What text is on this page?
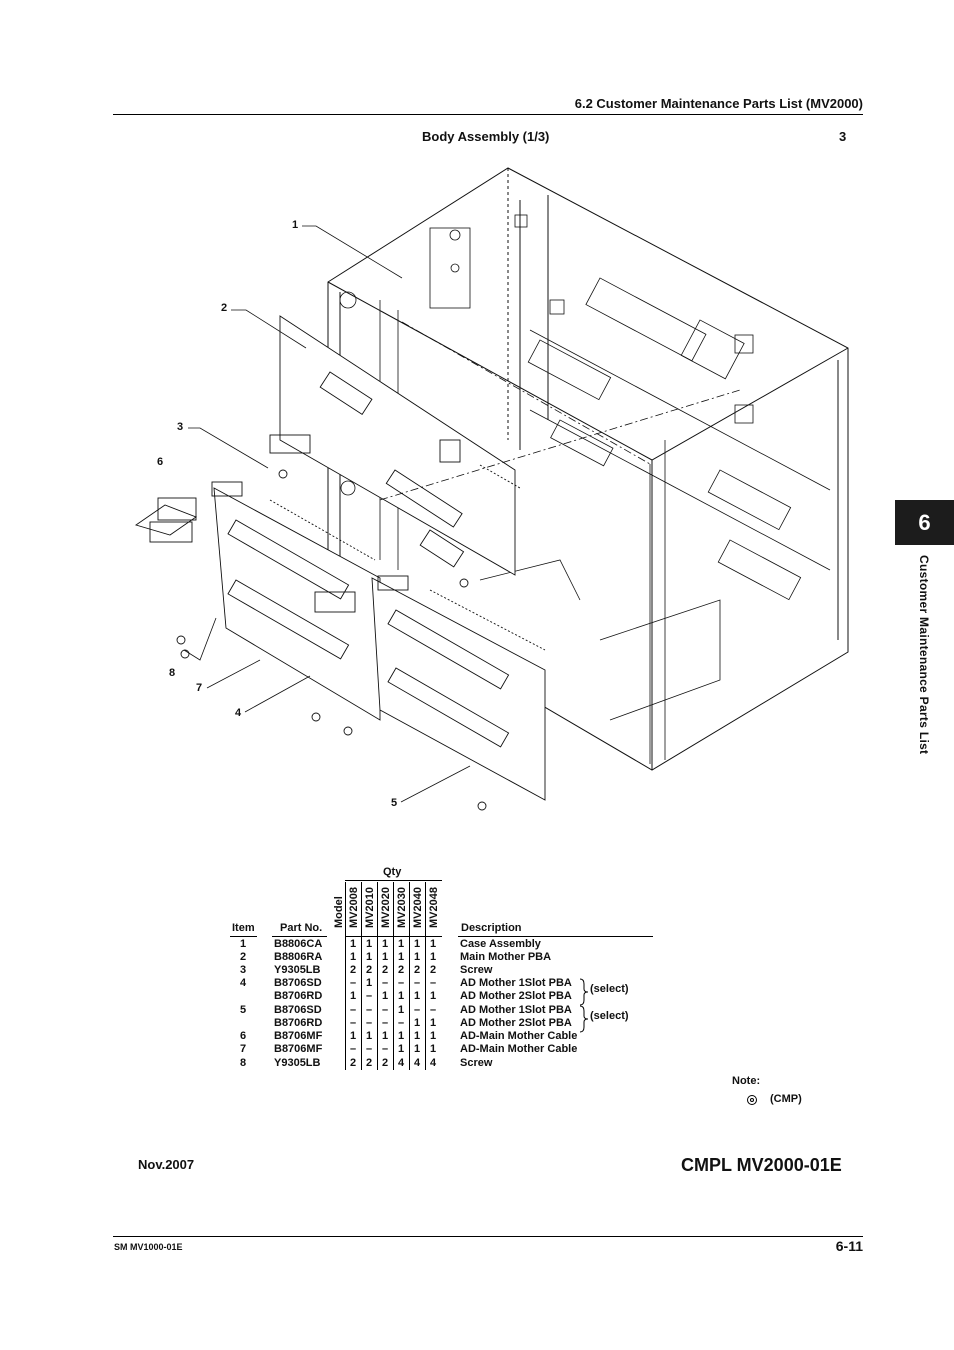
6.2 Customer Maintenance Parts List (MV2000)
Body Assembly (1/3)	3
1
2
3
6
8
7
4
5
6
Customer Maintenance Parts List
Qty
Model MV2008 MV2010 MV2020 MV2030 MV2040 MV2048
Item Part No.	Description
1	B8806CA	1 1 1 1 1 1 Case Assembly
2	B8806RA	1 1 1 1 1 1 Main Mother PBA
3	Y9305LB	2 2 2 2 2 2 Screw
4	B8706SD	– 1 – – – – AD Mother 1Slot PBA
B8706RD	1 – 1 1 1 1 AD Mother 2Slot PBA
5	B8706SD	– – – 1 – – AD Mother 1Slot PBA
B8706RD	– – – – 1 1 AD Mother 2Slot PBA
6	B8706MF	1 1 1 1 1 1 AD-Main Mother Cable
7	B8706MF	– – – 1 1 1 AD-Main Mother Cable
8	Y9305LB	2 2 2 4 4 4 Screw
(select)
(select)
Note:
(CMP)
Nov.2007	CMPL MV2000-01E
SM MV1000-01E	6-11
